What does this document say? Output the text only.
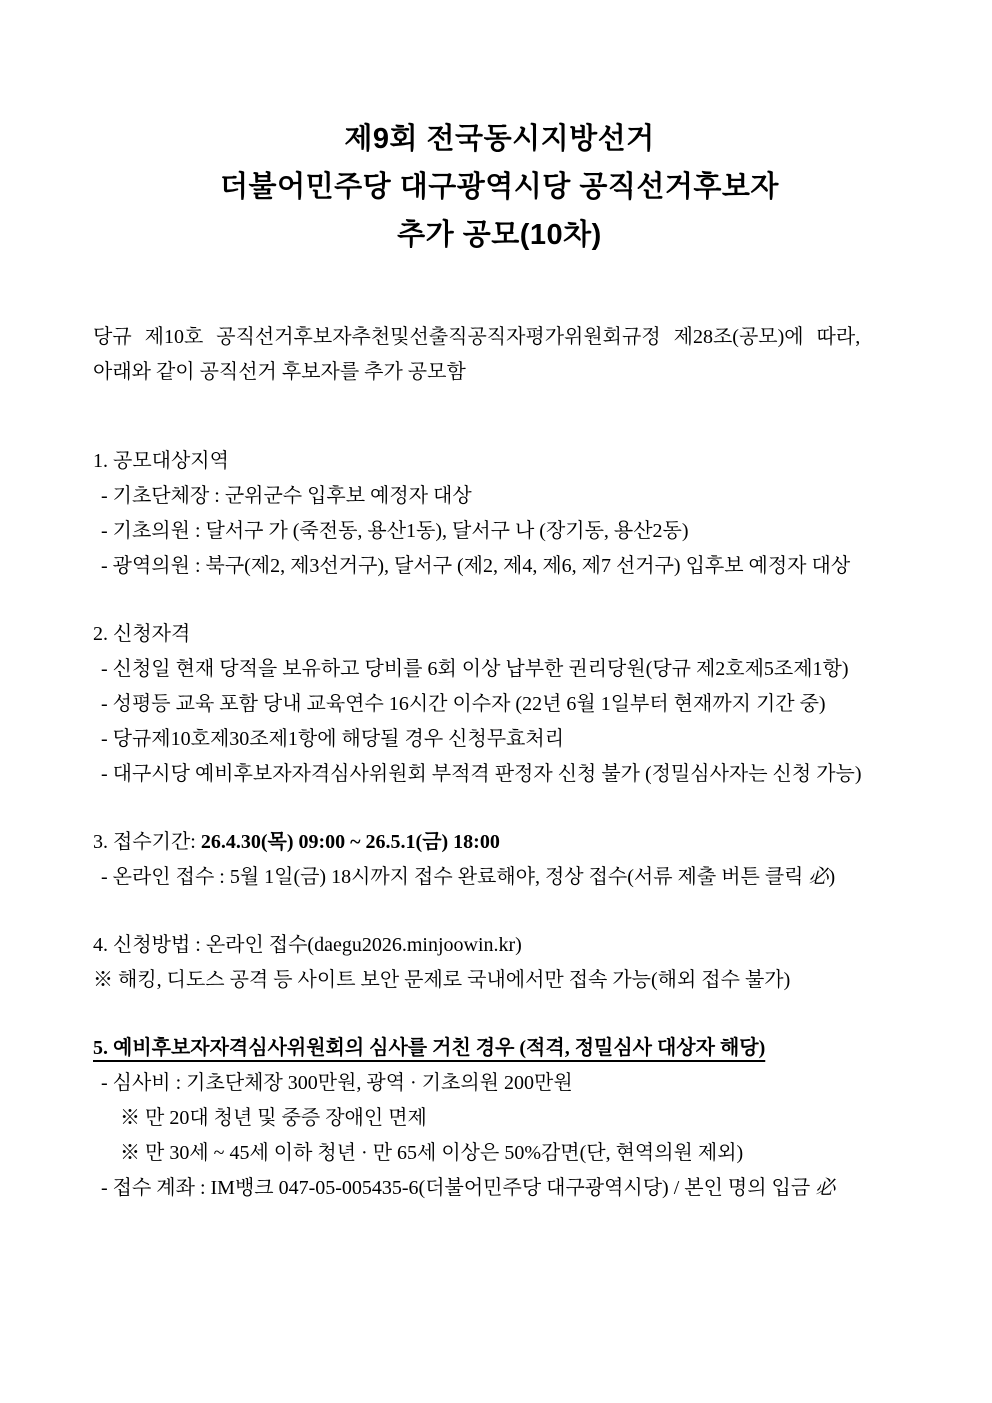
제9회 전국동시지방선거
더불어민주당 대구광역시당 공직선거후보자
추가 공모(10차)
당규 제10호 공직선거후보자추천및선출직공직자평가위원회규정 제28조(공모)에 따라,
아래와 같이 공직선거 후보자를 추가 공모함
1. 공모대상지역
- 기초단체장 : 군위군수 입후보 예정자 대상
- 기초의원 : 달서구 가 (죽전동, 용산1동), 달서구 나 (장기동, 용산2동)
- 광역의원 : 북구(제2, 제3선거구), 달서구 (제2, 제4, 제6, 제7 선거구) 입후보 예정자 대상
2. 신청자격
- 신청일 현재 당적을 보유하고 당비를 6회 이상 납부한 권리당원(당규 제2호제5조제1항)
- 성평등 교육 포함 당내 교육연수 16시간 이수자 (22년 6월 1일부터 현재까지 기간 중)
- 당규제10호제30조제1항에 해당될 경우 신청무효처리
- 대구시당 예비후보자자격심사위원회 부적격 판정자 신청 불가 (정밀심사자는 신청 가능)
3. 접수기간: 26.4.30(목) 09:00 ~ 26.5.1(금) 18:00
- 온라인 접수 : 5월 1일(금) 18시까지 접수 완료해야, 정상 접수(서류 제출 버튼 클릭 必)
4. 신청방법 : 온라인 접수(daegu2026.minjoowin.kr)
※ 해킹, 디도스 공격 등 사이트 보안 문제로 국내에서만 접속 가능(해외 접수 불가)
5. 예비후보자자격심사위원회의 심사를 거친 경우 (적격, 정밀심사 대상자 해당)
- 심사비 : 기초단체장 300만원, 광역 · 기초의원 200만원
※ 만 20대 청년 및 중증 장애인 면제
※ 만 30세 ~ 45세 이하 청년 · 만 65세 이상은 50%감면(단, 현역의원 제외)
- 접수 계좌 : IM뱅크 047-05-005435-6(더불어민주당 대구광역시당) / 본인 명의 입금 必
